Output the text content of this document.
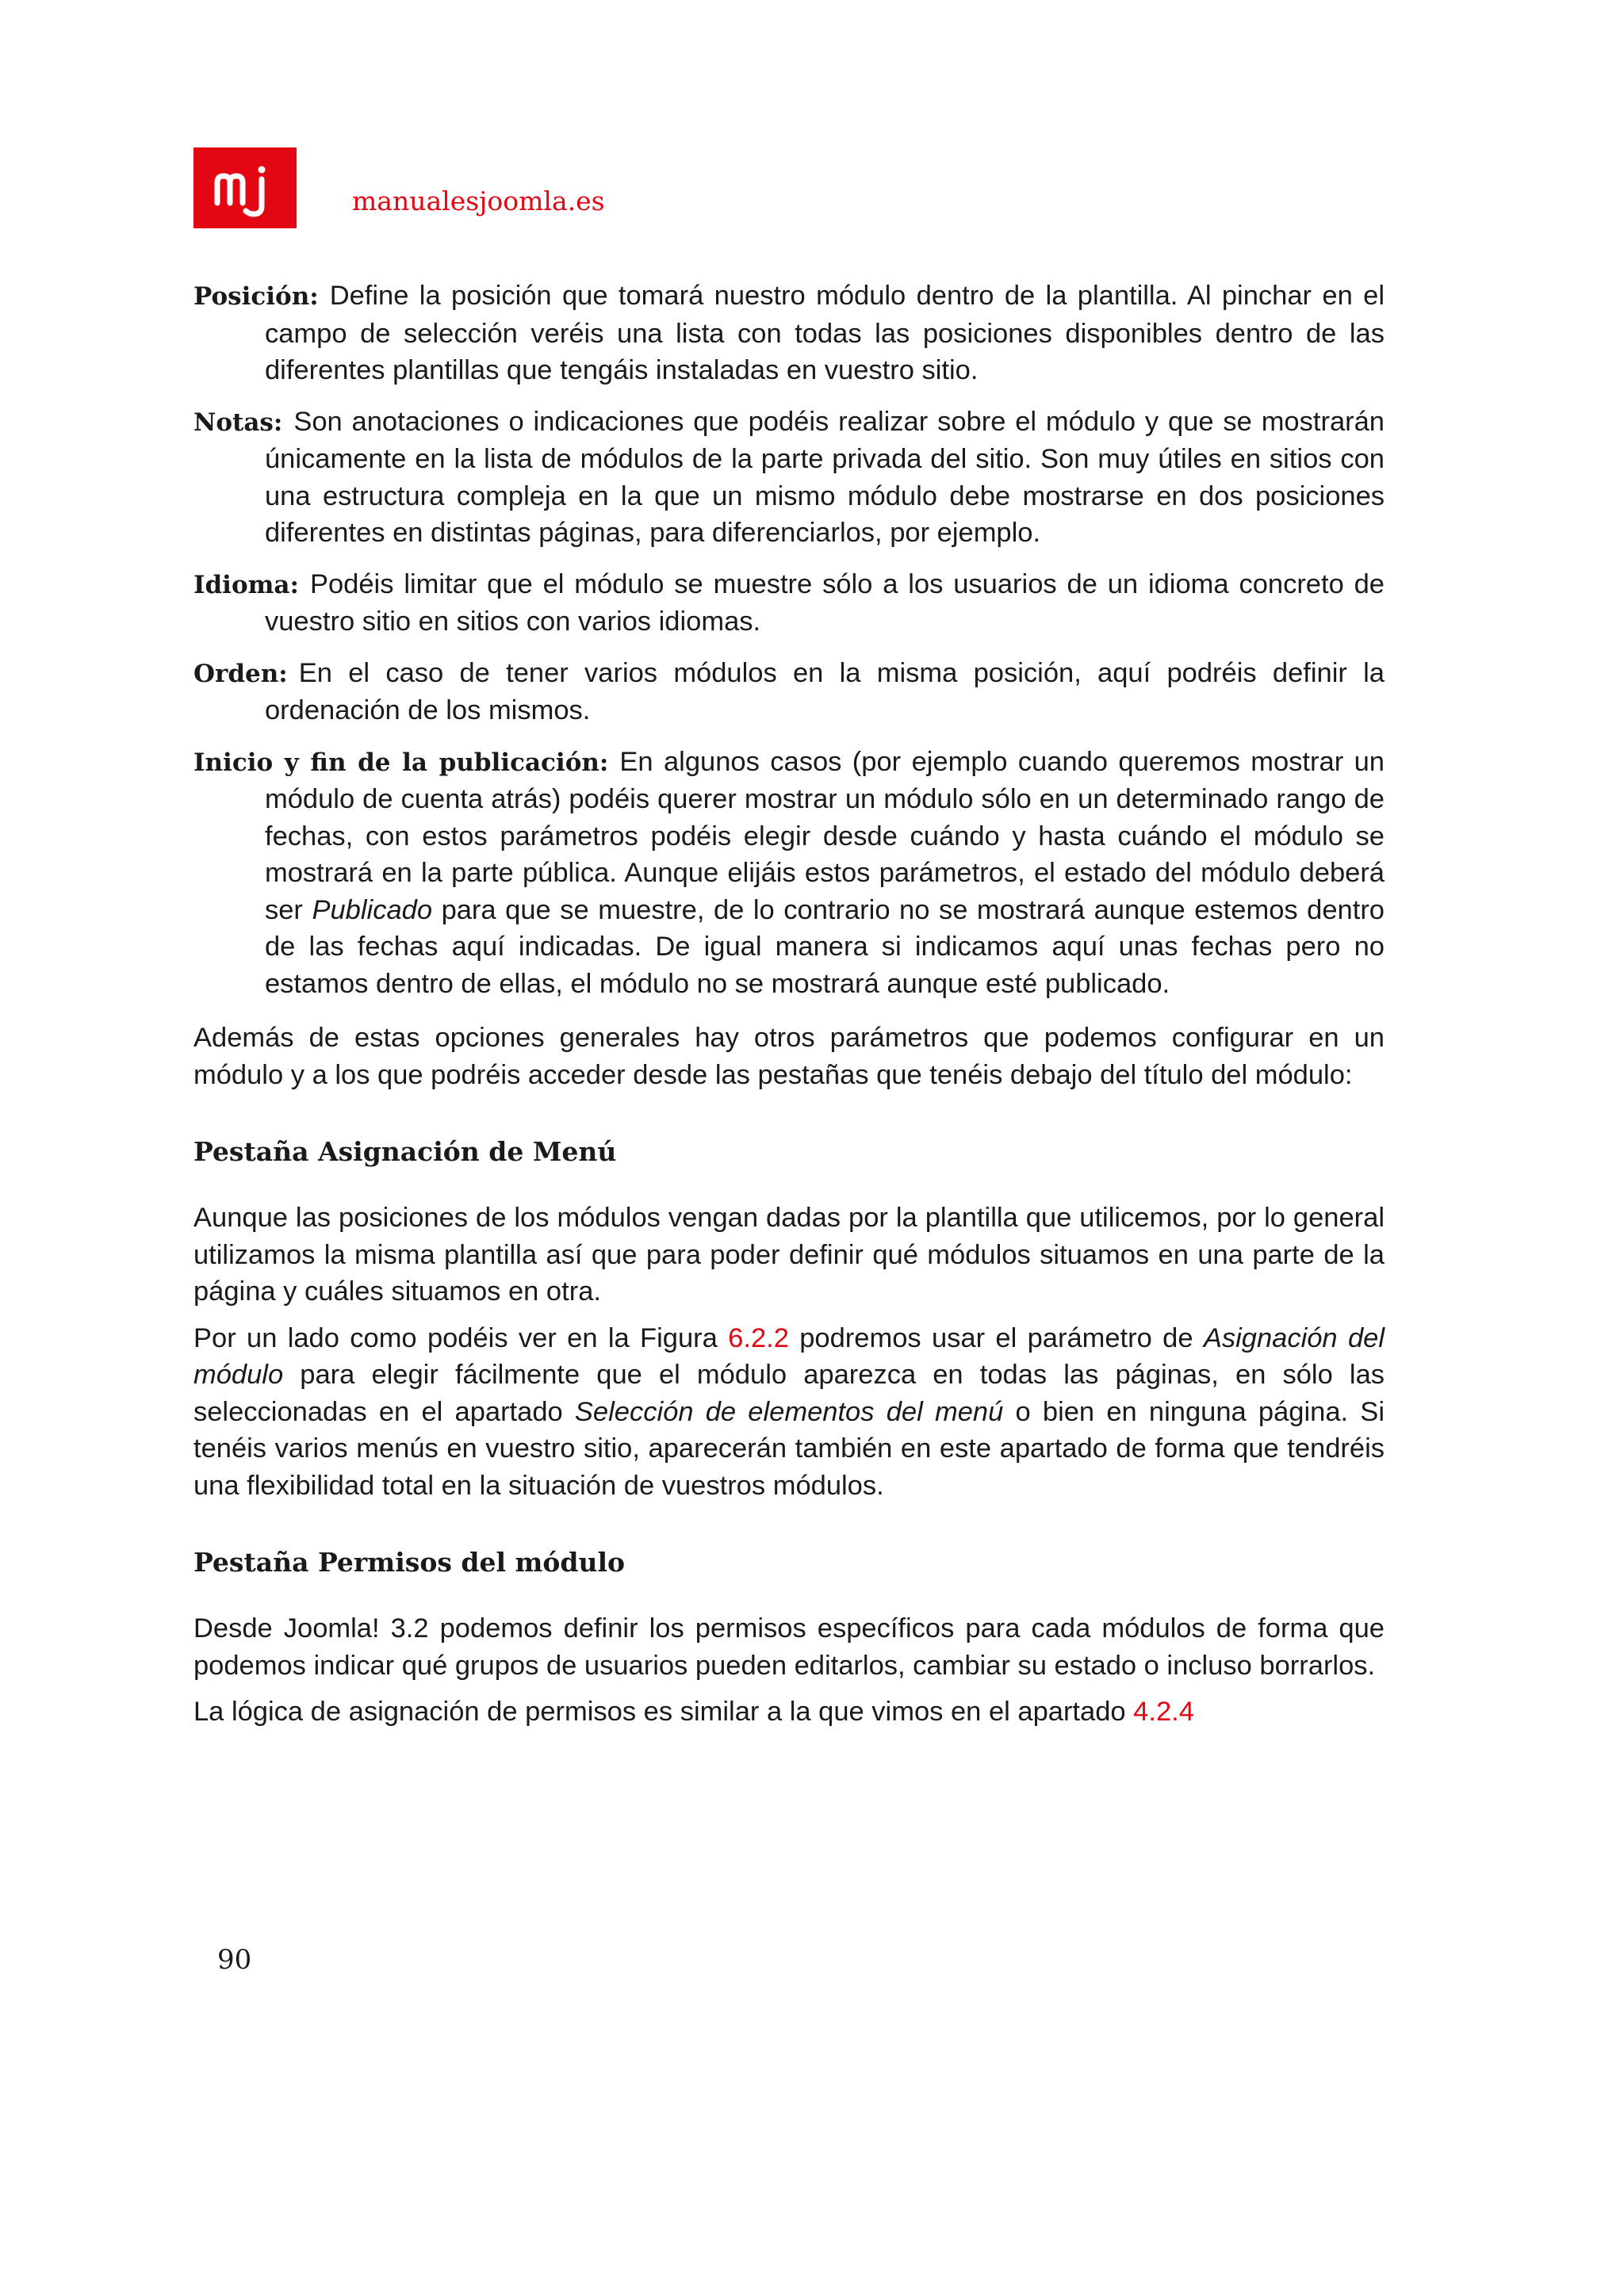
manualesjoomla.es
Posición: Define la posición que tomará nuestro módulo dentro de la plantilla. Al pinchar en el campo de selección veréis una lista con todas las posiciones disponibles dentro de las diferentes plantillas que tengáis instaladas en vuestro sitio.
Notas: Son anotaciones o indicaciones que podéis realizar sobre el módulo y que se mostrarán únicamente en la lista de módulos de la parte privada del sitio. Son muy útiles en sitios con una estructura compleja en la que un mismo módulo debe mostrarse en dos posiciones diferentes en distintas páginas, para diferenciarlos, por ejemplo.
Idioma: Podéis limitar que el módulo se muestre sólo a los usuarios de un idioma concreto de vuestro sitio en sitios con varios idiomas.
Orden: En el caso de tener varios módulos en la misma posición, aquí podréis definir la ordenación de los mismos.
Inicio y fin de la publicación: En algunos casos (por ejemplo cuando queremos mostrar un módulo de cuenta atrás) podéis querer mostrar un módulo sólo en un determinado rango de fechas, con estos parámetros podéis elegir desde cuándo y hasta cuándo el módulo se mostrará en la parte pública. Aunque elijáis estos parámetros, el estado del módulo deberá ser Publicado para que se muestre, de lo contrario no se mostrará aunque estemos dentro de las fechas aquí indicadas. De igual manera si indicamos aquí unas fechas pero no estamos dentro de ellas, el módulo no se mostrará aunque esté publicado.

Además de estas opciones generales hay otros parámetros que podemos configurar en un módulo y a los que podréis acceder desde las pestañas que tenéis debajo del título del módulo:

Pestaña Asignación de Menú

Aunque las posiciones de los módulos vengan dadas por la plantilla que utilicemos, por lo general utilizamos la misma plantilla así que para poder definir qué módulos situamos en una parte de la página y cuáles situamos en otra.

Por un lado como podéis ver en la Figura 6.2.2 podremos usar el parámetro de Asignación del módulo para elegir fácilmente que el módulo aparezca en todas las páginas, en sólo las seleccionadas en el apartado Selección de elementos del menú o bien en ninguna página. Si tenéis varios menús en vuestro sitio, aparecerán también en este apartado de forma que tendréis una flexibilidad total en la situación de vuestros módulos.

Pestaña Permisos del módulo

Desde Joomla! 3.2 podemos definir los permisos específicos para cada módulos de forma que podemos indicar qué grupos de usuarios pueden editarlos, cambiar su estado o incluso borrarlos.

La lógica de asignación de permisos es similar a la que vimos en el apartado 4.2.4

90
